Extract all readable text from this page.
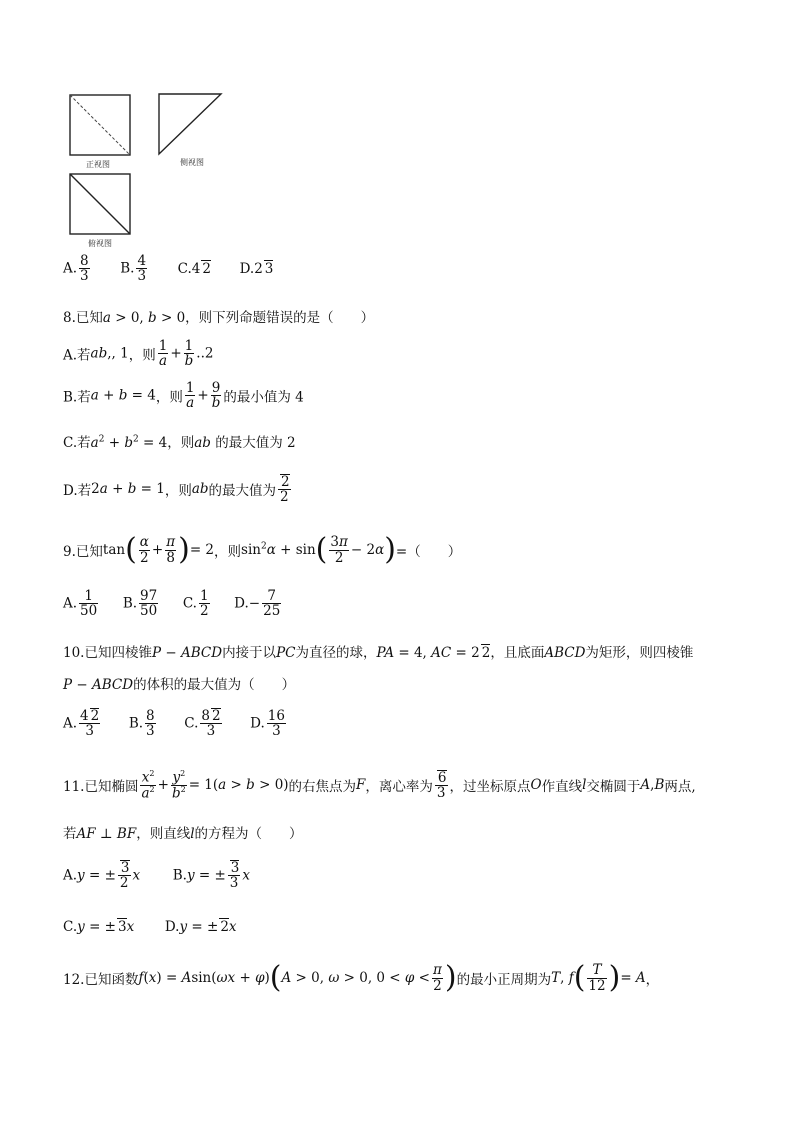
正视图	侧视图
俯视图
A. $\frac{8}{3} B$. $\frac{4}{3} C.4$ 2 D.2 3
8.已知a > 0, b > 0，则下列命题错误的是（　　）
A.若ab,, 1，则 $\frac{1}{a} + \frac{1}{b} ..2$
B.若a + b = 4，则 $\frac{1}{a} + \frac{9}{b}$ 的最小值为 4
C.若$a^2 + b^2 = 4$，则ab 的最大值为 2
D.若2a + b = 1，则ab的最大值为 $\frac{2}{2}$
9.已知$\tan( \frac{\alpha}{2} + \frac{\pi}{8}$ )= 2，则$\sin^2\alpha + \sin( \frac{3\pi}{2} - 2\alpha)=$（　　）
A. $\frac{1}{50} B$. $\frac{97}{50} C$. $\frac{1}{2} D.- \frac{7}{25}$
10.已知四棱锥P − ABCD内接于以PC为直径的球，PA = 4, AC = 2 2，且底面ABCD为矩形，则四棱锥
P − ABCD的体积的最大值为（　　）
A. $\frac{4 2}{3} B$. $\frac{8}{3} C$. $\frac{8 2}{3} D$. $\frac{16}{3}$
11.已知椭圆 $\frac{x^2}{a^2} + \frac{y^2}{b^2} = 1(a > b > 0)$的右焦点为F，离心率为 $\frac{6}{3}$ ，过坐标原点O作直线l交椭圆于A,B两点,
若AF ⊥ BF，则直线l的方程为（　　）
A.y = ± $\frac{3}{2}$ x B.y = ± $\frac{3}{3}$ x
C.y = ± 3x D.y = ± 2x
12.已知函数f(x) = Asin(ωx + φ)(A > 0, ω > 0, $0 < \varphi < \frac{\pi}{2}$ )的最小正周期为T, $f( \frac{T}{12}$ )= A，
